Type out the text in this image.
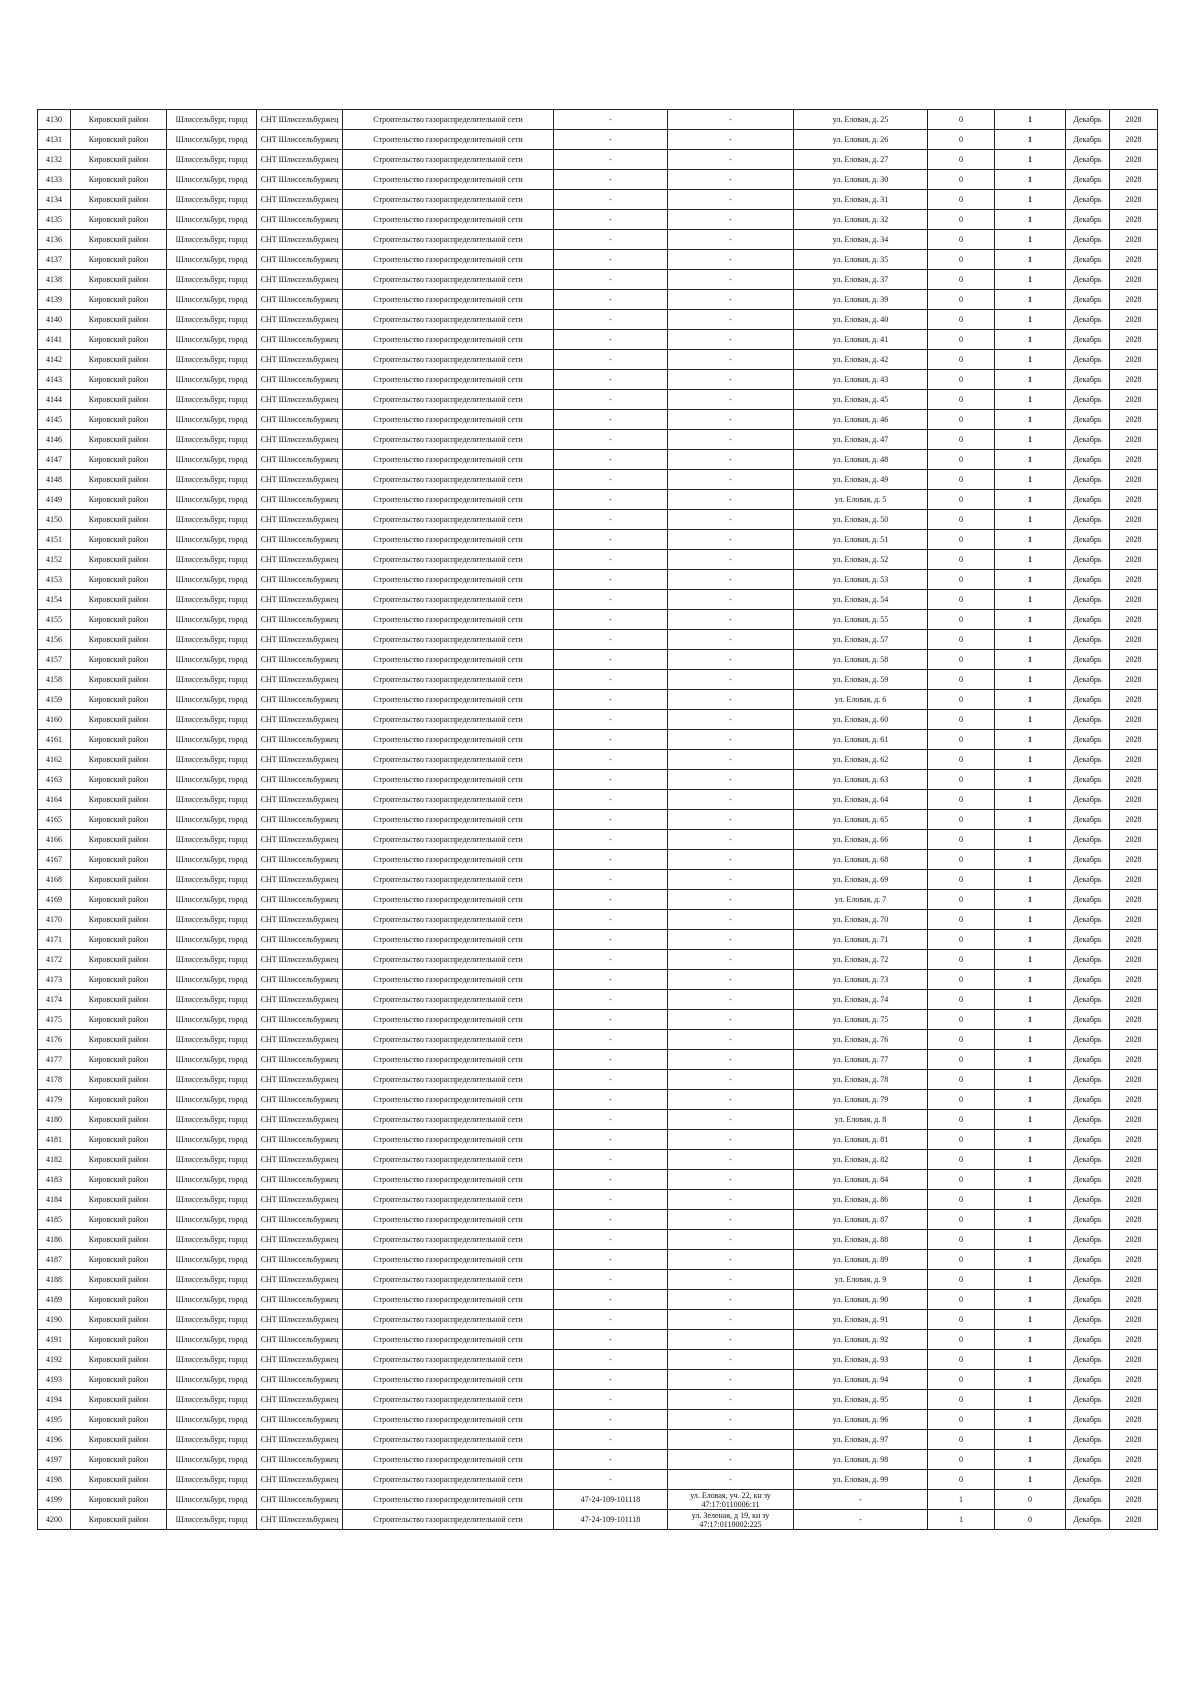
4130	Кировский район	Шлиссельбург, город	СНТ Шлиссельбуржец	Строительство газораспределительной сети	-	-	ул. Еловая, д. 25	0	1	Декабрь	2028
4131	Кировский район	Шлиссельбург, город	СНТ Шлиссельбуржец	Строительство газораспределительной сети	-	-	ул. Еловая, д. 26	0	1	Декабрь	2028
4132	Кировский район	Шлиссельбург, город	СНТ Шлиссельбуржец	Строительство газораспределительной сети	-	-	ул. Еловая, д. 27	0	1	Декабрь	2028
4133	Кировский район	Шлиссельбург, город	СНТ Шлиссельбуржец	Строительство газораспределительной сети	-	-	ул. Еловая, д. 30	0	1	Декабрь	2028
4134	Кировский район	Шлиссельбург, город	СНТ Шлиссельбуржец	Строительство газораспределительной сети	-	-	ул. Еловая, д. 31	0	1	Декабрь	2028
4135	Кировский район	Шлиссельбург, город	СНТ Шлиссельбуржец	Строительство газораспределительной сети	-	-	ул. Еловая, д. 32	0	1	Декабрь	2028
4136	Кировский район	Шлиссельбург, город	СНТ Шлиссельбуржец	Строительство газораспределительной сети	-	-	ул. Еловая, д. 34	0	1	Декабрь	2028
4137	Кировский район	Шлиссельбург, город	СНТ Шлиссельбуржец	Строительство газораспределительной сети	-	-	ул. Еловая, д. 35	0	1	Декабрь	2028
4138	Кировский район	Шлиссельбург, город	СНТ Шлиссельбуржец	Строительство газораспределительной сети	-	-	ул. Еловая, д. 37	0	1	Декабрь	2028
4139	Кировский район	Шлиссельбург, город	СНТ Шлиссельбуржец	Строительство газораспределительной сети	-	-	ул. Еловая, д. 39	0	1	Декабрь	2028
4140	Кировский район	Шлиссельбург, город	СНТ Шлиссельбуржец	Строительство газораспределительной сети	-	-	ул. Еловая, д. 40	0	1	Декабрь	2028
4141	Кировский район	Шлиссельбург, город	СНТ Шлиссельбуржец	Строительство газораспределительной сети	-	-	ул. Еловая, д. 41	0	1	Декабрь	2028
4142	Кировский район	Шлиссельбург, город	СНТ Шлиссельбуржец	Строительство газораспределительной сети	-	-	ул. Еловая, д. 42	0	1	Декабрь	2028
4143	Кировский район	Шлиссельбург, город	СНТ Шлиссельбуржец	Строительство газораспределительной сети	-	-	ул. Еловая, д. 43	0	1	Декабрь	2028
4144	Кировский район	Шлиссельбург, город	СНТ Шлиссельбуржец	Строительство газораспределительной сети	-	-	ул. Еловая, д. 45	0	1	Декабрь	2028
4145	Кировский район	Шлиссельбург, город	СНТ Шлиссельбуржец	Строительство газораспределительной сети	-	-	ул. Еловая, д. 46	0	1	Декабрь	2028
4146	Кировский район	Шлиссельбург, город	СНТ Шлиссельбуржец	Строительство газораспределительной сети	-	-	ул. Еловая, д. 47	0	1	Декабрь	2028
4147	Кировский район	Шлиссельбург, город	СНТ Шлиссельбуржец	Строительство газораспределительной сети	-	-	ул. Еловая, д. 48	0	1	Декабрь	2028
4148	Кировский район	Шлиссельбург, город	СНТ Шлиссельбуржец	Строительство газораспределительной сети	-	-	ул. Еловая, д. 49	0	1	Декабрь	2028
4149	Кировский район	Шлиссельбург, город	СНТ Шлиссельбуржец	Строительство газораспределительной сети	-	-	ул. Еловая, д. 5	0	1	Декабрь	2028
4150	Кировский район	Шлиссельбург, город	СНТ Шлиссельбуржец	Строительство газораспределительной сети	-	-	ул. Еловая, д. 50	0	1	Декабрь	2028
4151	Кировский район	Шлиссельбург, город	СНТ Шлиссельбуржец	Строительство газораспределительной сети	-	-	ул. Еловая, д. 51	0	1	Декабрь	2028
4152	Кировский район	Шлиссельбург, город	СНТ Шлиссельбуржец	Строительство газораспределительной сети	-	-	ул. Еловая, д. 52	0	1	Декабрь	2028
4153	Кировский район	Шлиссельбург, город	СНТ Шлиссельбуржец	Строительство газораспределительной сети	-	-	ул. Еловая, д. 53	0	1	Декабрь	2028
4154	Кировский район	Шлиссельбург, город	СНТ Шлиссельбуржец	Строительство газораспределительной сети	-	-	ул. Еловая, д. 54	0	1	Декабрь	2028
4155	Кировский район	Шлиссельбург, город	СНТ Шлиссельбуржец	Строительство газораспределительной сети	-	-	ул. Еловая, д. 55	0	1	Декабрь	2028
4156	Кировский район	Шлиссельбург, город	СНТ Шлиссельбуржец	Строительство газораспределительной сети	-	-	ул. Еловая, д. 57	0	1	Декабрь	2028
4157	Кировский район	Шлиссельбург, город	СНТ Шлиссельбуржец	Строительство газораспределительной сети	-	-	ул. Еловая, д. 58	0	1	Декабрь	2028
4158	Кировский район	Шлиссельбург, город	СНТ Шлиссельбуржец	Строительство газораспределительной сети	-	-	ул. Еловая, д. 59	0	1	Декабрь	2028
4159	Кировский район	Шлиссельбург, город	СНТ Шлиссельбуржец	Строительство газораспределительной сети	-	-	ул. Еловая, д. 6	0	1	Декабрь	2028
4160	Кировский район	Шлиссельбург, город	СНТ Шлиссельбуржец	Строительство газораспределительной сети	-	-	ул. Еловая, д. 60	0	1	Декабрь	2028
4161	Кировский район	Шлиссельбург, город	СНТ Шлиссельбуржец	Строительство газораспределительной сети	-	-	ул. Еловая, д. 61	0	1	Декабрь	2028
4162	Кировский район	Шлиссельбург, город	СНТ Шлиссельбуржец	Строительство газораспределительной сети	-	-	ул. Еловая, д. 62	0	1	Декабрь	2028
4163	Кировский район	Шлиссельбург, город	СНТ Шлиссельбуржец	Строительство газораспределительной сети	-	-	ул. Еловая, д. 63	0	1	Декабрь	2028
4164	Кировский район	Шлиссельбург, город	СНТ Шлиссельбуржец	Строительство газораспределительной сети	-	-	ул. Еловая, д. 64	0	1	Декабрь	2028
4165	Кировский район	Шлиссельбург, город	СНТ Шлиссельбуржец	Строительство газораспределительной сети	-	-	ул. Еловая, д. 65	0	1	Декабрь	2028
4166	Кировский район	Шлиссельбург, город	СНТ Шлиссельбуржец	Строительство газораспределительной сети	-	-	ул. Еловая, д. 66	0	1	Декабрь	2028
4167	Кировский район	Шлиссельбург, город	СНТ Шлиссельбуржец	Строительство газораспределительной сети	-	-	ул. Еловая, д. 68	0	1	Декабрь	2028
4168	Кировский район	Шлиссельбург, город	СНТ Шлиссельбуржец	Строительство газораспределительной сети	-	-	ул. Еловая, д. 69	0	1	Декабрь	2028
4169	Кировский район	Шлиссельбург, город	СНТ Шлиссельбуржец	Строительство газораспределительной сети	-	-	ул. Еловая, д. 7	0	1	Декабрь	2028
4170	Кировский район	Шлиссельбург, город	СНТ Шлиссельбуржец	Строительство газораспределительной сети	-	-	ул. Еловая, д. 70	0	1	Декабрь	2028
4171	Кировский район	Шлиссельбург, город	СНТ Шлиссельбуржец	Строительство газораспределительной сети	-	-	ул. Еловая, д. 71	0	1	Декабрь	2028
4172	Кировский район	Шлиссельбург, город	СНТ Шлиссельбуржец	Строительство газораспределительной сети	-	-	ул. Еловая, д. 72	0	1	Декабрь	2028
4173	Кировский район	Шлиссельбург, город	СНТ Шлиссельбуржец	Строительство газораспределительной сети	-	-	ул. Еловая, д. 73	0	1	Декабрь	2028
4174	Кировский район	Шлиссельбург, город	СНТ Шлиссельбуржец	Строительство газораспределительной сети	-	-	ул. Еловая, д. 74	0	1	Декабрь	2028
4175	Кировский район	Шлиссельбург, город	СНТ Шлиссельбуржец	Строительство газораспределительной сети	-	-	ул. Еловая, д. 75	0	1	Декабрь	2028
4176	Кировский район	Шлиссельбург, город	СНТ Шлиссельбуржец	Строительство газораспределительной сети	-	-	ул. Еловая, д. 76	0	1	Декабрь	2028
4177	Кировский район	Шлиссельбург, город	СНТ Шлиссельбуржец	Строительство газораспределительной сети	-	-	ул. Еловая, д. 77	0	1	Декабрь	2028
4178	Кировский район	Шлиссельбург, город	СНТ Шлиссельбуржец	Строительство газораспределительной сети	-	-	ул. Еловая, д. 78	0	1	Декабрь	2028
4179	Кировский район	Шлиссельбург, город	СНТ Шлиссельбуржец	Строительство газораспределительной сети	-	-	ул. Еловая, д. 79	0	1	Декабрь	2028
4180	Кировский район	Шлиссельбург, город	СНТ Шлиссельбуржец	Строительство газораспределительной сети	-	-	ул. Еловая, д. 8	0	1	Декабрь	2028
4181	Кировский район	Шлиссельбург, город	СНТ Шлиссельбуржец	Строительство газораспределительной сети	-	-	ул. Еловая, д. 81	0	1	Декабрь	2028
4182	Кировский район	Шлиссельбург, город	СНТ Шлиссельбуржец	Строительство газораспределительной сети	-	-	ул. Еловая, д. 82	0	1	Декабрь	2028
4183	Кировский район	Шлиссельбург, город	СНТ Шлиссельбуржец	Строительство газораспределительной сети	-	-	ул. Еловая, д. 84	0	1	Декабрь	2028
4184	Кировский район	Шлиссельбург, город	СНТ Шлиссельбуржец	Строительство газораспределительной сети	-	-	ул. Еловая, д. 86	0	1	Декабрь	2028
4185	Кировский район	Шлиссельбург, город	СНТ Шлиссельбуржец	Строительство газораспределительной сети	-	-	ул. Еловая, д. 87	0	1	Декабрь	2028
4186	Кировский район	Шлиссельбург, город	СНТ Шлиссельбуржец	Строительство газораспределительной сети	-	-	ул. Еловая, д. 88	0	1	Декабрь	2028
4187	Кировский район	Шлиссельбург, город	СНТ Шлиссельбуржец	Строительство газораспределительной сети	-	-	ул. Еловая, д. 89	0	1	Декабрь	2028
4188	Кировский район	Шлиссельбург, город	СНТ Шлиссельбуржец	Строительство газораспределительной сети	-	-	ул. Еловая, д. 9	0	1	Декабрь	2028
4189	Кировский район	Шлиссельбург, город	СНТ Шлиссельбуржец	Строительство газораспределительной сети	-	-	ул. Еловая, д. 90	0	1	Декабрь	2028
4190	Кировский район	Шлиссельбург, город	СНТ Шлиссельбуржец	Строительство газораспределительной сети	-	-	ул. Еловая, д. 91	0	1	Декабрь	2028
4191	Кировский район	Шлиссельбург, город	СНТ Шлиссельбуржец	Строительство газораспределительной сети	-	-	ул. Еловая, д. 92	0	1	Декабрь	2028
4192	Кировский район	Шлиссельбург, город	СНТ Шлиссельбуржец	Строительство газораспределительной сети	-	-	ул. Еловая, д. 93	0	1	Декабрь	2028
4193	Кировский район	Шлиссельбург, город	СНТ Шлиссельбуржец	Строительство газораспределительной сети	-	-	ул. Еловая, д. 94	0	1	Декабрь	2028
4194	Кировский район	Шлиссельбург, город	СНТ Шлиссельбуржец	Строительство газораспределительной сети	-	-	ул. Еловая, д. 95	0	1	Декабрь	2028
4195	Кировский район	Шлиссельбург, город	СНТ Шлиссельбуржец	Строительство газораспределительной сети	-	-	ул. Еловая, д. 96	0	1	Декабрь	2028
4196	Кировский район	Шлиссельбург, город	СНТ Шлиссельбуржец	Строительство газораспределительной сети	-	-	ул. Еловая, д. 97	0	1	Декабрь	2028
4197	Кировский район	Шлиссельбург, город	СНТ Шлиссельбуржец	Строительство газораспределительной сети	-	-	ул. Еловая, д. 98	0	1	Декабрь	2028
4198	Кировский район	Шлиссельбург, город	СНТ Шлиссельбуржец	Строительство газораспределительной сети	-	-	ул. Еловая, д. 99	0	1	Декабрь	2028
4199	Кировский район	Шлиссельбург, город	СНТ Шлиссельбуржец	Строительство газораспределительной сети	47-24-109-101118	ул. Еловая, уч. 22, кн зу 47:17:0110006:11	-	1	0	Декабрь	2028
4200	Кировский район	Шлиссельбург, город	СНТ Шлиссельбуржец	Строительство газораспределительной сети	47-24-109-101118	ул. Зеленая, д 19, кн зу 47:17:0110002:225	-	1	0	Декабрь	2028
